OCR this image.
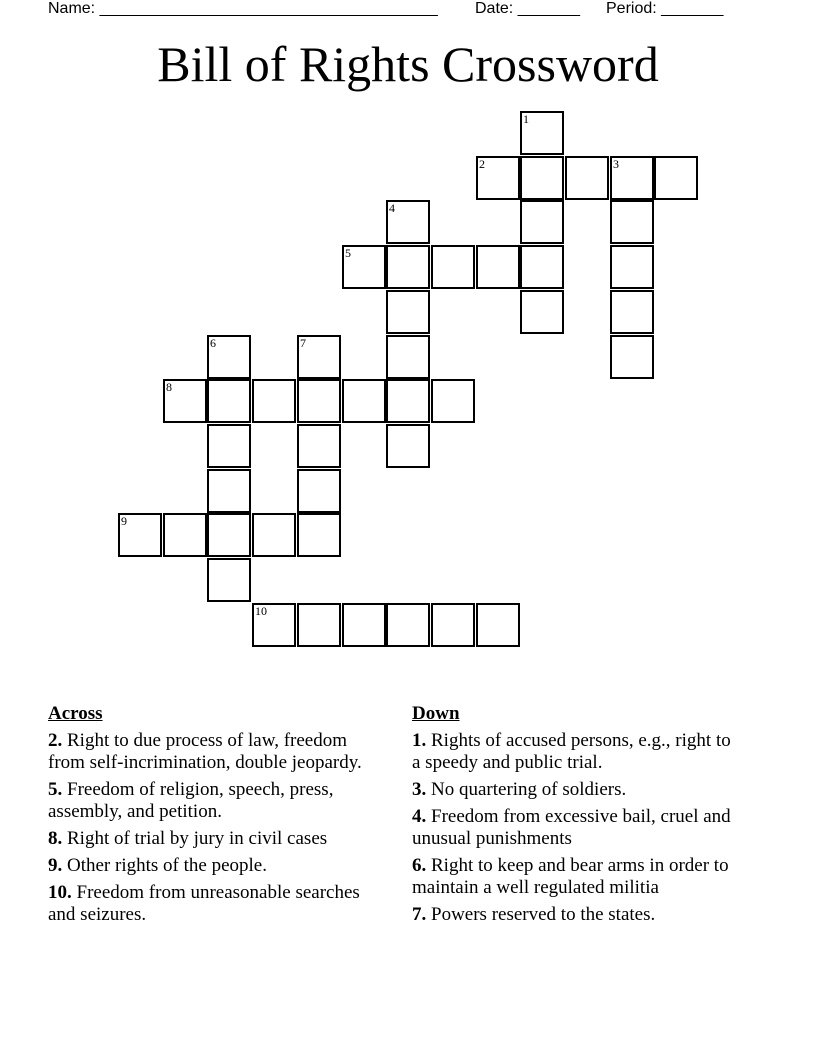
Name: ______________________________________

Date: _______

Period: _______

Bill of Rights Crossword
1
2	3
4
5
6	7
8
9
10
Across
2. Right to due process of law, freedom from self-incrimination, double jeopardy.
5. Freedom of religion, speech, press, assembly, and petition.
8. Right of trial by jury in civil cases
9. Other rights of the people.
10. Freedom from unreasonable searches and seizures.
Down
1. Rights of accused persons, e.g., right to a speedy and public trial.
3. No quartering of soldiers.
4. Freedom from excessive bail, cruel and unusual punishments
6. Right to keep and bear arms in order to maintain a well regulated militia
7. Powers reserved to the states.
